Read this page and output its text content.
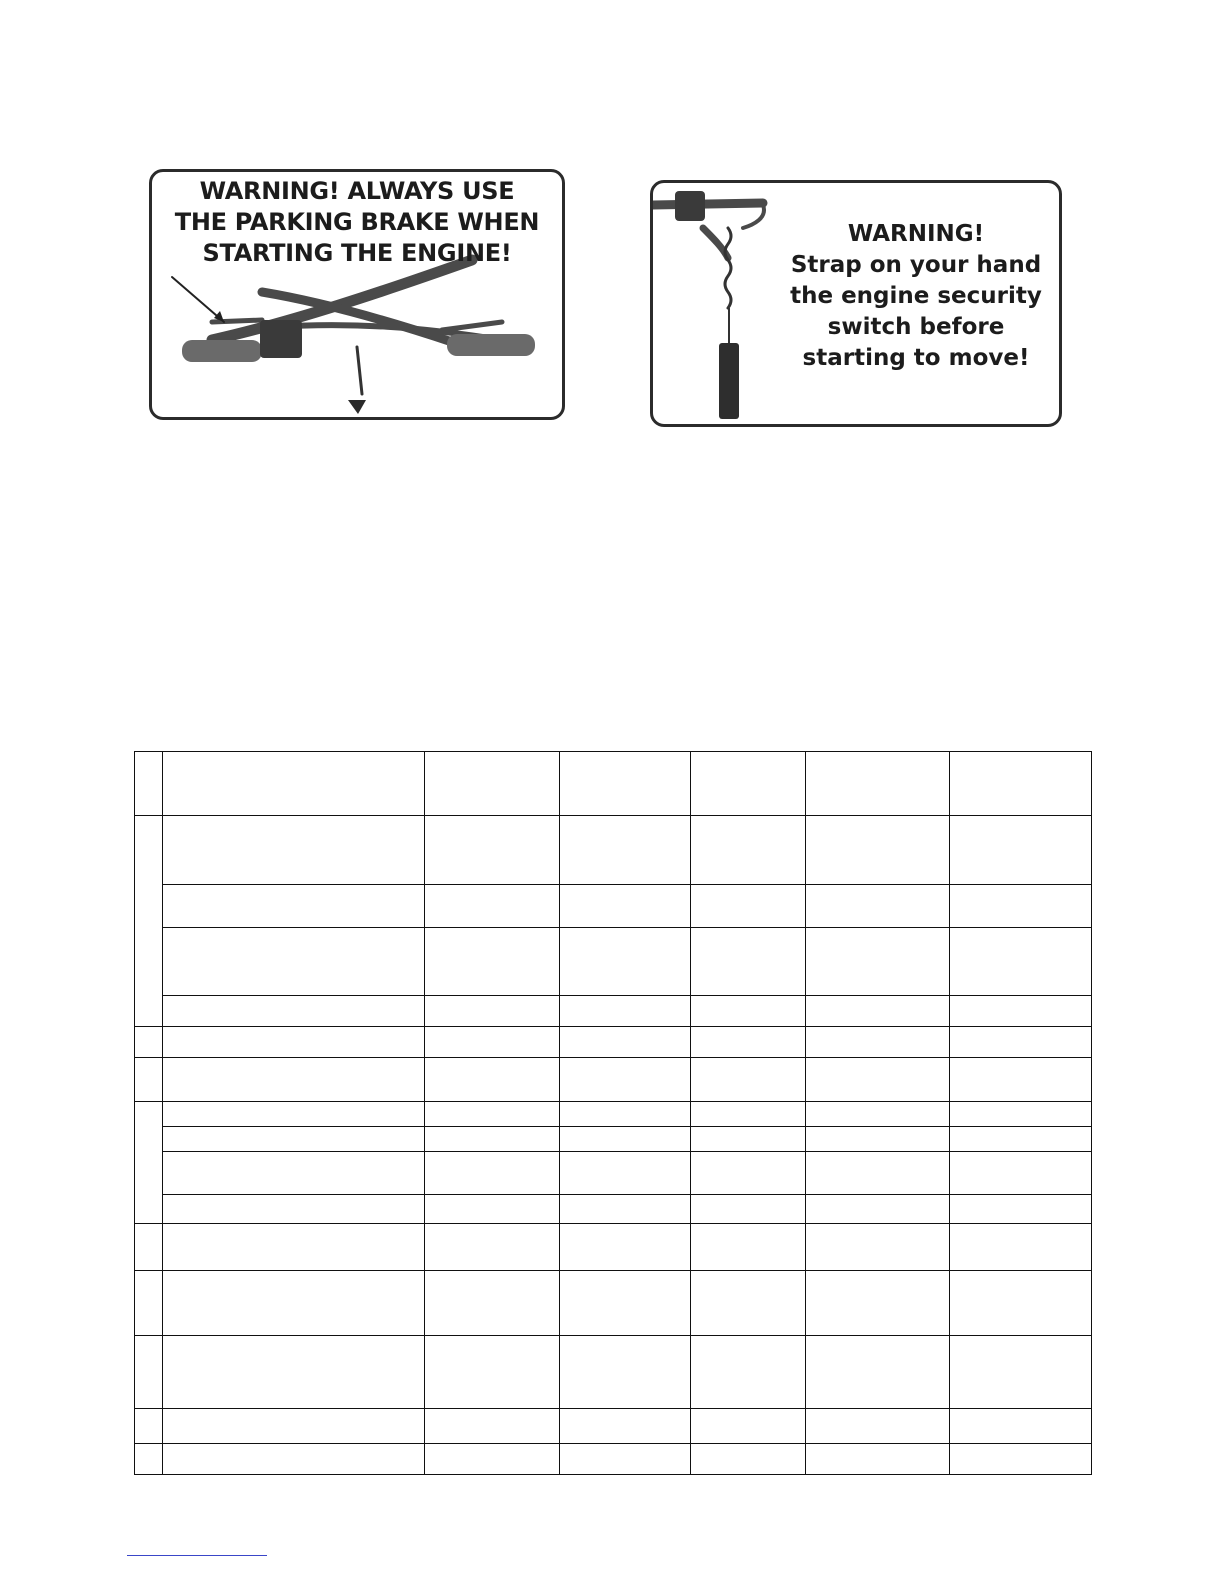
WARNING! ALWAYS USE
THE PARKING BRAKE WHEN
STARTING THE ENGINE!
WARNING!
Strap on your hand
the engine security
switch before
starting to move!
